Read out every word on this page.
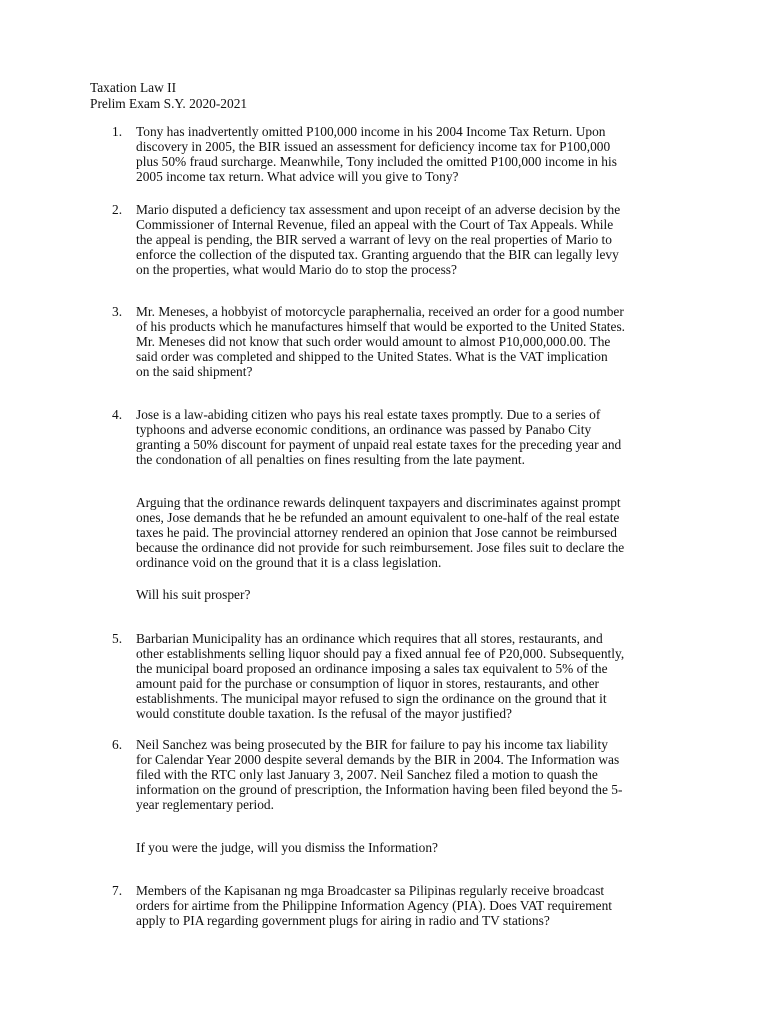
Taxation Law II
Prelim Exam S.Y. 2020-2021
1. Tony has inadvertently omitted P100,000 income in his 2004 Income Tax Return. Upon

discovery in 2005, the BIR issued an assessment for deficiency income tax for P100,000

plus 50% fraud surcharge. Meanwhile, Tony included the omitted P100,000 income in his

2005 income tax return. What advice will you give to Tony?

2. Mario disputed a deficiency tax assessment and upon receipt of an adverse decision by the

Commissioner of Internal Revenue, filed an appeal with the Court of Tax Appeals. While

the appeal is pending, the BIR served a warrant of levy on the real properties of Mario to

enforce the collection of the disputed tax. Granting arguendo that the BIR can legally levy

on the properties, what would Mario do to stop the process?

3. Mr. Meneses, a hobbyist of motorcycle paraphernalia, received an order for a good number

of his products which he manufactures himself that would be exported to the United States.

Mr. Meneses did not know that such order would amount to almost P10,000,000.00. The

said order was completed and shipped to the United States. What is the VAT implication

on the said shipment?

4. Jose is a law-abiding citizen who pays his real estate taxes promptly. Due to a series of

typhoons and adverse economic conditions, an ordinance was passed by Panabo City

granting a 50% discount for payment of unpaid real estate taxes for the preceding year and

the condonation of all penalties on fines resulting from the late payment.

Arguing that the ordinance rewards delinquent taxpayers and discriminates against prompt

ones, Jose demands that he be refunded an amount equivalent to one-half of the real estate

taxes he paid. The provincial attorney rendered an opinion that Jose cannot be reimbursed

because the ordinance did not provide for such reimbursement. Jose files suit to declare the

ordinance void on the ground that it is a class legislation.

Will his suit prosper?

5. Barbarian Municipality has an ordinance which requires that all stores, restaurants, and

other establishments selling liquor should pay a fixed annual fee of P20,000. Subsequently,

the municipal board proposed an ordinance imposing a sales tax equivalent to 5% of the

amount paid for the purchase or consumption of liquor in stores, restaurants, and other

establishments. The municipal mayor refused to sign the ordinance on the ground that it

would constitute double taxation. Is the refusal of the mayor justified?

6. Neil Sanchez was being prosecuted by the BIR for failure to pay his income tax liability

for Calendar Year 2000 despite several demands by the BIR in 2004. The Information was

filed with the RTC only last January 3, 2007. Neil Sanchez filed a motion to quash the

information on the ground of prescription, the Information having been filed beyond the 5-

year reglementary period.

If you were the judge, will you dismiss the Information?

7. Members of the Kapisanan ng mga Broadcaster sa Pilipinas regularly receive broadcast

orders for airtime from the Philippine Information Agency (PIA). Does VAT requirement

apply to PIA regarding government plugs for airing in radio and TV stations?
